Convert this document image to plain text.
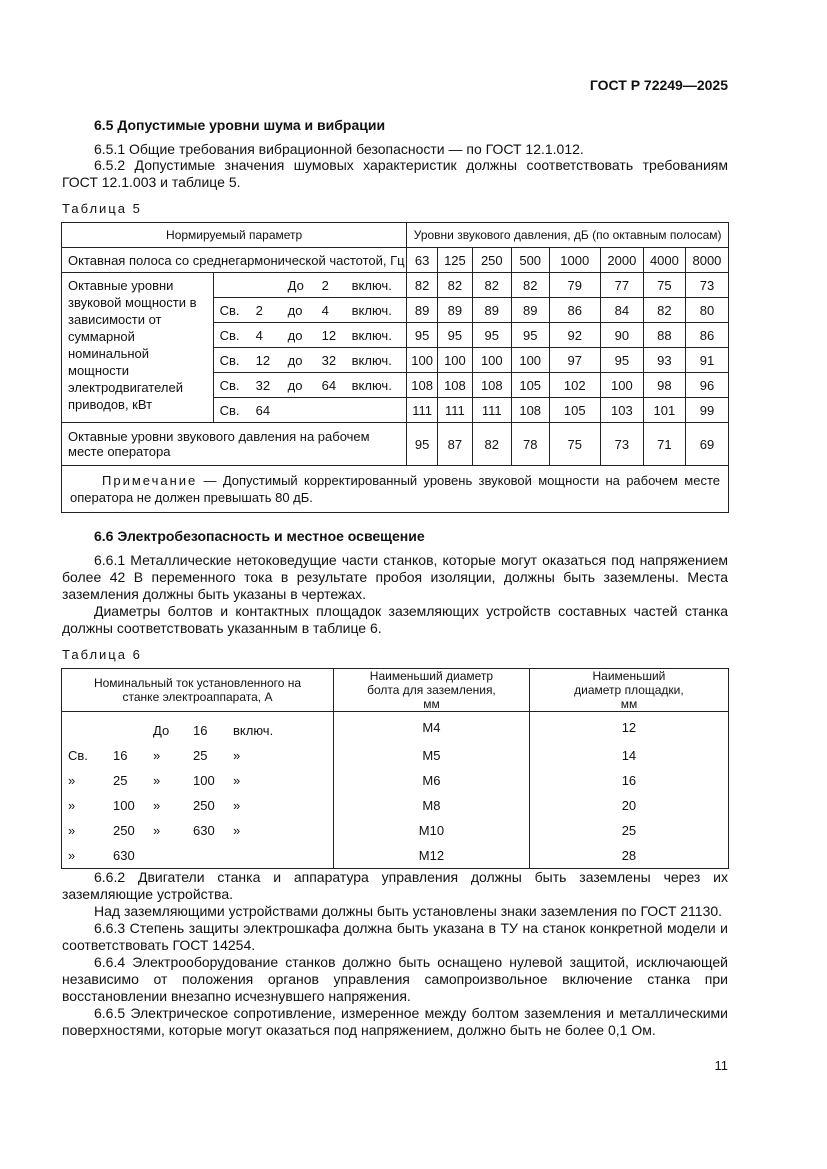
ГОСТ Р 72249—2025
6.5 Допустимые уровни шума и вибрации
6.5.1 Общие требования вибрационной безопасности — по ГОСТ 12.1.012.
6.5.2 Допустимые значения шумовых характеристик должны соответствовать требованиям ГОСТ 12.1.003 и таблице 5.
Таблица 5
Нормируемый параметр		Уровни звукового давления, дБ (по октавным полосам)							
Октавная полоса со среднегармонической частотой, Гц		63	125	250	500	1000	2000	4000	8000
Октавные уровни звуковой мощности в зависимости от суммарной номинальной мощности электродвигателей приводов, кВт	До 2 включ.	82	82	82	82	79	77	75	73

	Св. 2 до 4 включ.	89	89	89	89	86	84	82	80

	Св. 4 до 12 включ.	95	95	95	95	92	90	88	86

	Св. 12 до 32 включ.	100	100	100	100	97	95	93	91

	Св. 32 до 64 включ.	108	108	108	105	102	100	98	96

	Св. 64	111	111	111	108	105	103	101	99
Октавные уровни звукового давления на рабочем месте оператора		95	87	82	78	75	73	71	69
Примечание — Допустимый корректированный уровень звуковой мощности на рабочем месте оператора не должен превышать 80 дБ.									
6.6 Электробезопасность и местное освещение
6.6.1 Металлические нетоковедущие части станков, которые могут оказаться под напряжением более 42 В переменного тока в результате пробоя изоляции, должны быть заземлены. Места заземления должны быть указаны в чертежах.
Диаметры болтов и контактных площадок заземляющих устройств составных частей станка должны соответствовать указанным в таблице 6.
Таблица 6
Номинальный ток установленного на станке электроаппарата, А	Наименьший диаметр болта для заземления, мм	Наименьший диаметр площадки, мм

До 16 включ.	М4	12

Св. 16 » 25 »	М5	14

» 25 » 100 »	М6	16

» 100 » 250 »	М8	20

» 250 » 630 »	М10	25

» 630	М12	28
6.6.2 Двигатели станка и аппаратура управления должны быть заземлены через их заземляющие устройства.
Над заземляющими устройствами должны быть установлены знаки заземления по ГОСТ 21130.
6.6.3 Степень защиты электрошкафа должна быть указана в ТУ на станок конкретной модели и соответствовать ГОСТ 14254.
6.6.4 Электрооборудование станков должно быть оснащено нулевой защитой, исключающей независимо от положения органов управления самопроизвольное включение станка при восстановлении внезапно исчезнувшего напряжения.
6.6.5 Электрическое сопротивление, измеренное между болтом заземления и металлическими поверхностями, которые могут оказаться под напряжением, должно быть не более 0,1 Ом.
11
